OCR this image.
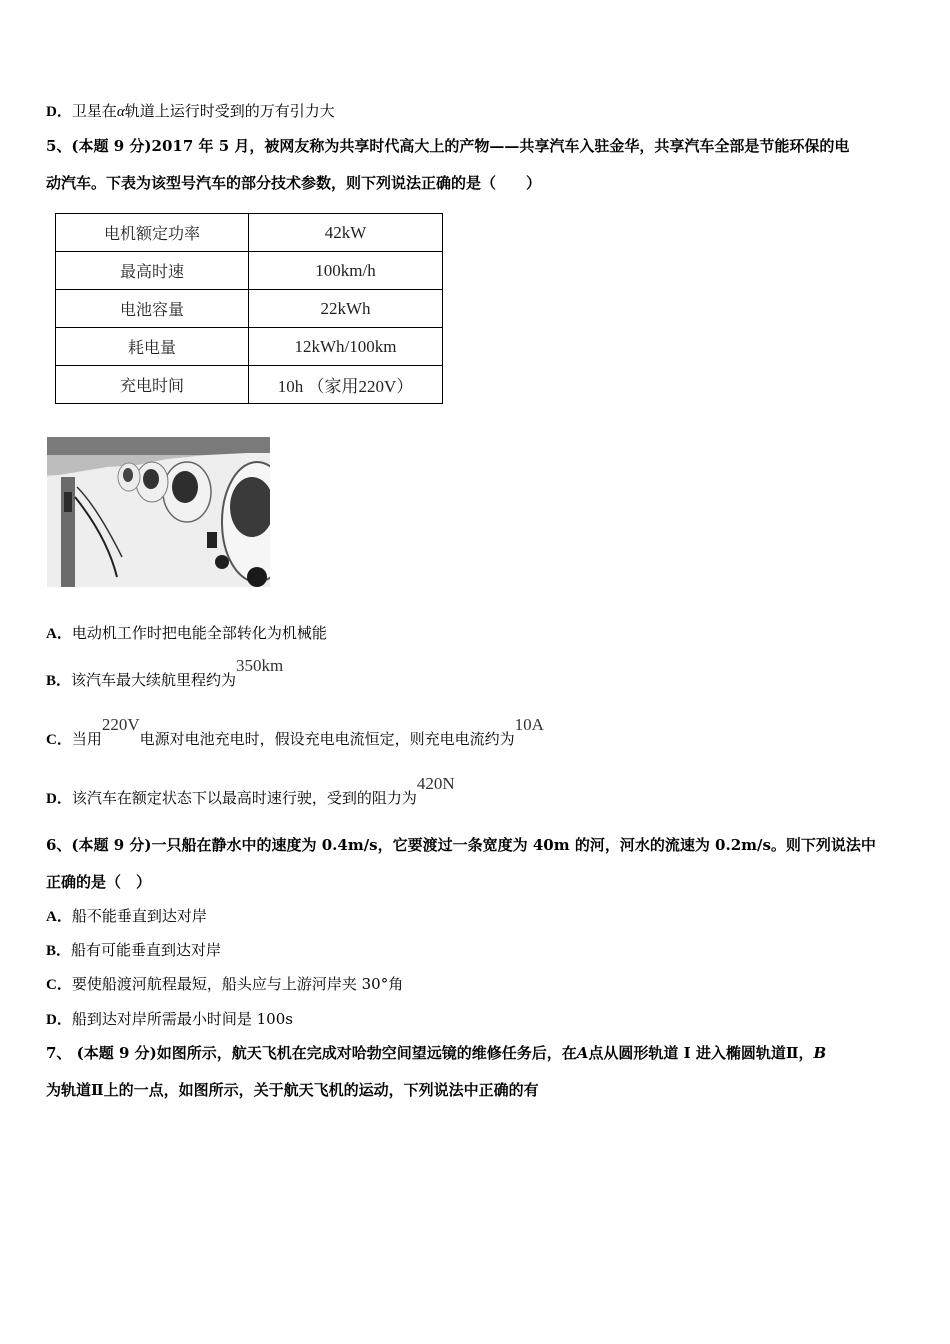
D．卫星在α轨道上运行时受到的万有引力大
5、(本题 9 分)2017 年 5 月，被网友称为共享时代高大上的产物——共享汽车入驻金华，共享汽车全部是节能环保的电
动汽车。下表为该型号汽车的部分技术参数，则下列说法正确的是（　　）
电机额定功率	42kW
最高时速	100km/h
电池容量	22kWh
耗电量	12kWh/100km
充电时间	10h （家用220V）
A．电动机工作时把电能全部转化为机械能
B．该汽车最大续航里程约为350km
C．当用220V电源对电池充电时，假设充电电流恒定，则充电电流约为10A
D．该汽车在额定状态下以最高时速行驶，受到的阻力为420N
6、(本题 9 分)一只船在静水中的速度为 0.4m/s，它要渡过一条宽度为 40m 的河，河水的流速为 0.2m/s。则下列说法中
正确的是（　）
A．船不能垂直到达对岸
B．船有可能垂直到达对岸
C．要使船渡河航程最短，船头应与上游河岸夹 30°角
D．船到达对岸所需最小时间是 100s
7、 (本题 9 分)如图所示，航天飞机在完成对哈勃空间望远镜的维修任务后，在A点从圆形轨道 I 进入椭圆轨道Ⅱ，B
为轨道Ⅱ上的一点，如图所示，关于航天飞机的运动，下列说法中正确的有
